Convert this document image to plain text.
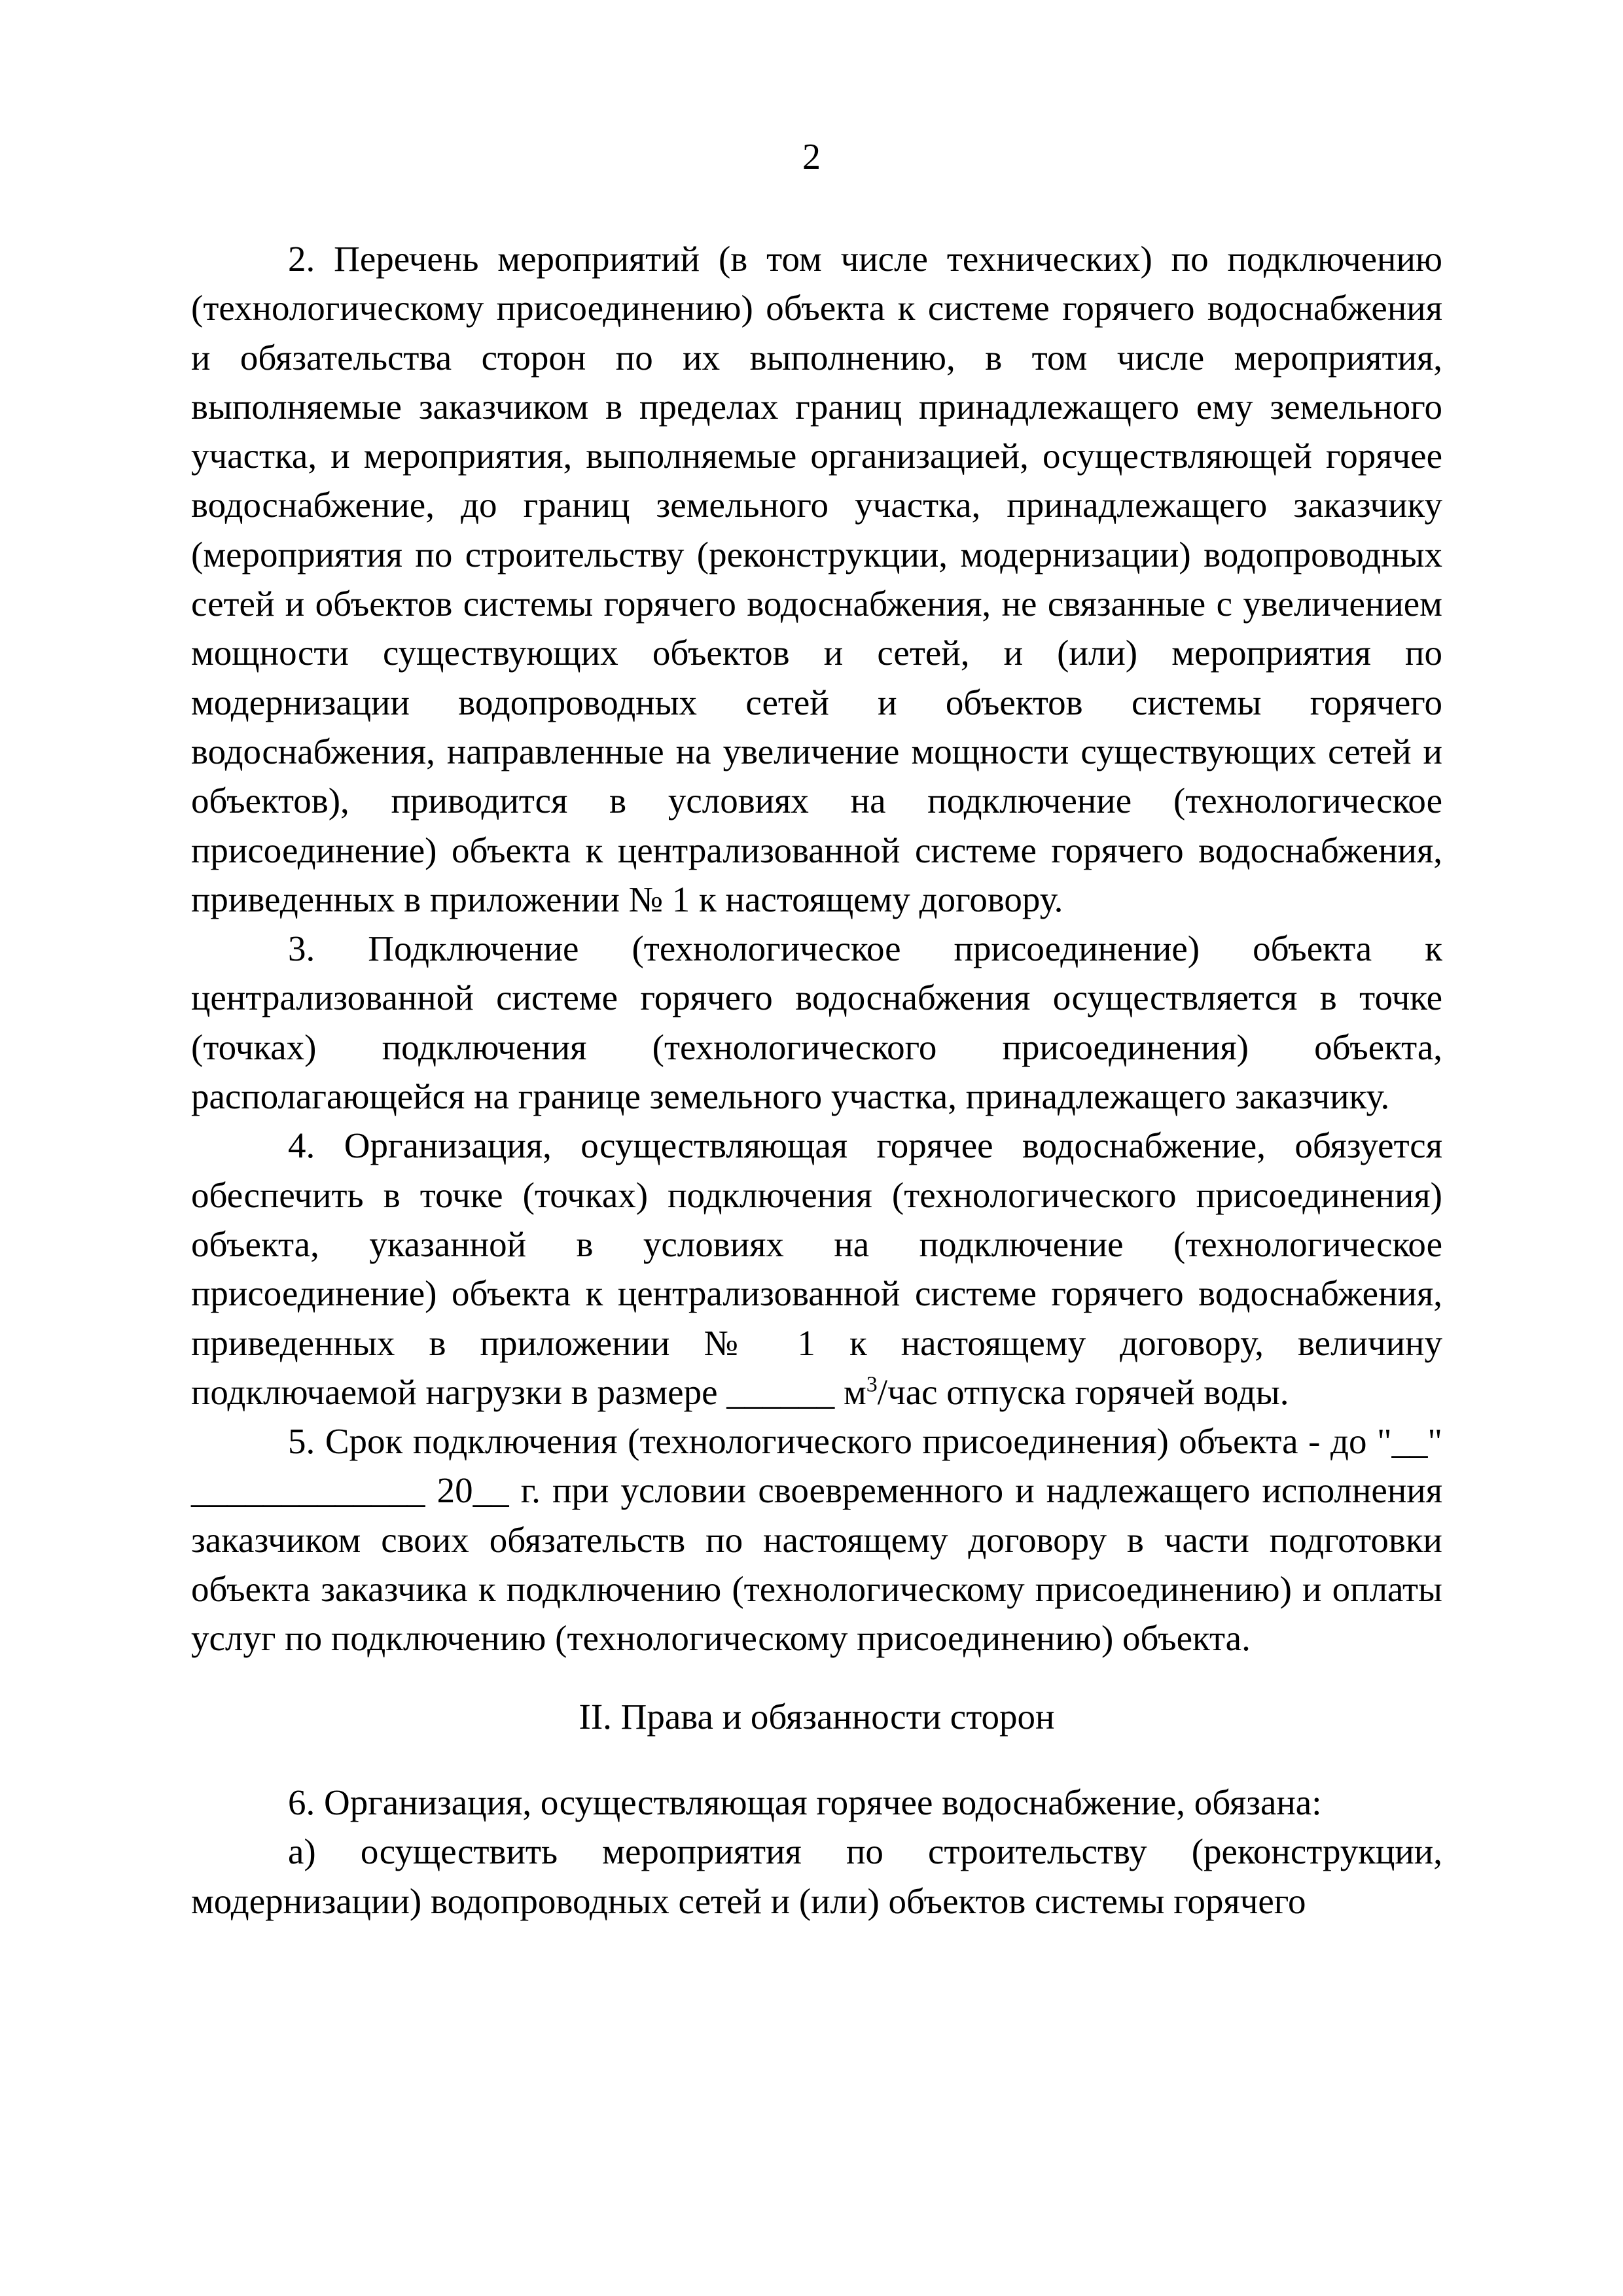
2

2. Перечень мероприятий (в том числе технических) по подключению (технологическому присоединению) объекта к системе горячего водоснабжения и обязательства сторон по их выполнению, в том числе мероприятия, выполняемые заказчиком в пределах границ принадлежащего ему земельного участка, и мероприятия, выполняемые организацией, осуществляющей горячее водоснабжение, до границ земельного участка, принадлежащего заказчику (мероприятия по строительству (реконструкции, модернизации) водопроводных сетей и объектов системы горячего водоснабжения, не связанные с увеличением мощности существующих объектов и сетей, и (или) мероприятия по модернизации водопроводных сетей и объектов системы горячего водоснабжения, направленные на увеличение мощности существующих сетей и объектов), приводится в условиях на подключение (технологическое присоединение) объекта к централизованной системе горячего водоснабжения, приведенных в приложении № 1 к настоящему договору.

3. Подключение (технологическое присоединение) объекта к централизованной системе горячего водоснабжения осуществляется в точке (точках) подключения (технологического присоединения) объекта, располагающейся на границе земельного участка, принадлежащего заказчику.

4. Организация, осуществляющая горячее водоснабжение, обязуется обеспечить в точке (точках) подключения (технологического присоединения) объекта, указанной в условиях на подключение (технологическое присоединение) объекта к централизованной системе горячего водоснабжения, приведенных в приложении № 1 к настоящему договору, величину подключаемой нагрузки в размере ______ $м^3$/час отпуска горячей воды.

5. Срок подключения (технологического присоединения) объекта - до "__" _____________ 20__ г. при условии своевременного и надлежащего исполнения заказчиком своих обязательств по настоящему договору в части подготовки объекта заказчика к подключению (технологическому присоединению) и оплаты услуг по подключению (технологическому присоединению) объекта.

II. Права и обязанности сторон

6. Организация, осуществляющая горячее водоснабжение, обязана:

а) осуществить мероприятия по строительству (реконструкции, модернизации) водопроводных сетей и (или) объектов системы горячего
